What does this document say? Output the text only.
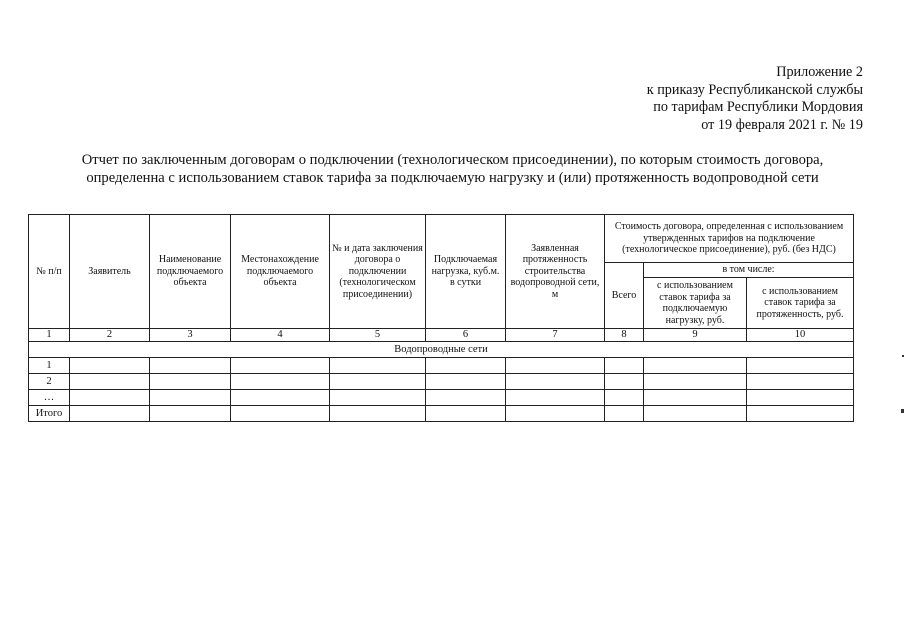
Приложение 2
к приказу Республиканской службы
по тарифам Республики Мордовия
от 19 февраля 2021 г. № 19
Отчет по заключенным договорам о подключении (технологическом присоединении), по которым стоимость договора,
определенна с использованием ставок тарифа за подключаемую нагрузку и (или) протяженность водопроводной сети
№ п/п	Заявитель	Наименование подключаемого объекта	Местонахождение подключаемого объекта	№ и дата заключения договора о подключении (технологическом присоединении)	Подключаемая нагрузка, куб.м. в сутки	Заявленная протяженность строительства водопроводной сети, м	Стоимость договора, определенная с использованием утвержденных тарифов на подключение (технологическое присоединение), руб. (без НДС)		
							Всего	в том числе:	
								с использованием ставок тарифа за подключаемую нагрузку, руб.	с использованием ставок тарифа за протяженность, руб.
1	2	3	4	5	6	7	8	9	10
Водопроводные сети									
1									
2									
…									
Итого									
